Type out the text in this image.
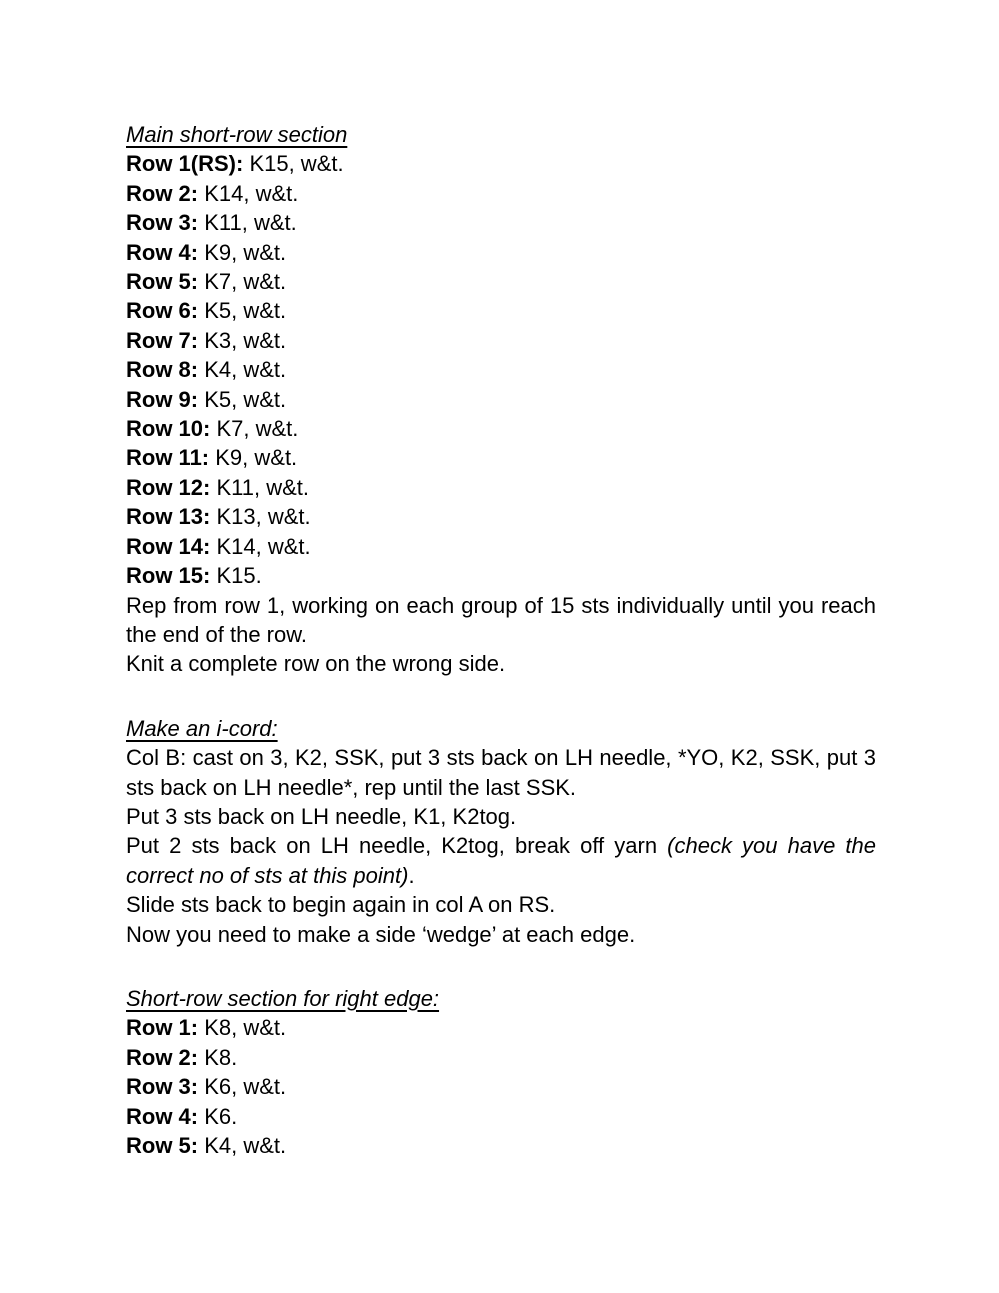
Main short-row section

Row 1(RS): K15, w&t.

Row 2: K14, w&t.

Row 3: K11, w&t.

Row 4: K9, w&t.

Row 5: K7, w&t.

Row 6: K5, w&t.

Row 7: K3, w&t.

Row 8: K4, w&t.

Row 9: K5, w&t.

Row 10: K7, w&t.

Row 11: K9, w&t.

Row 12: K11, w&t.

Row 13: K13, w&t.

Row 14: K14, w&t.

Row 15: K15.

Rep from row 1, working on each group of 15 sts individually until you reach the end of the row.

Knit a complete row on the wrong side.

Make an i-cord:

Col B: cast on 3, K2, SSK, put 3 sts back on LH needle, *YO, K2, SSK, put 3 sts back on LH needle*, rep until the last SSK.

Put 3 sts back on LH needle, K1, K2tog.

Put 2 sts back on LH needle, K2tog, break off yarn (check you have the correct no of sts at this point).

Slide sts back to begin again in col A on RS.

Now you need to make a side ‘wedge’ at each edge.

Short-row section for right edge:

Row 1: K8, w&t.

Row 2: K8.

Row 3: K6, w&t.

Row 4: K6.

Row 5: K4, w&t.
